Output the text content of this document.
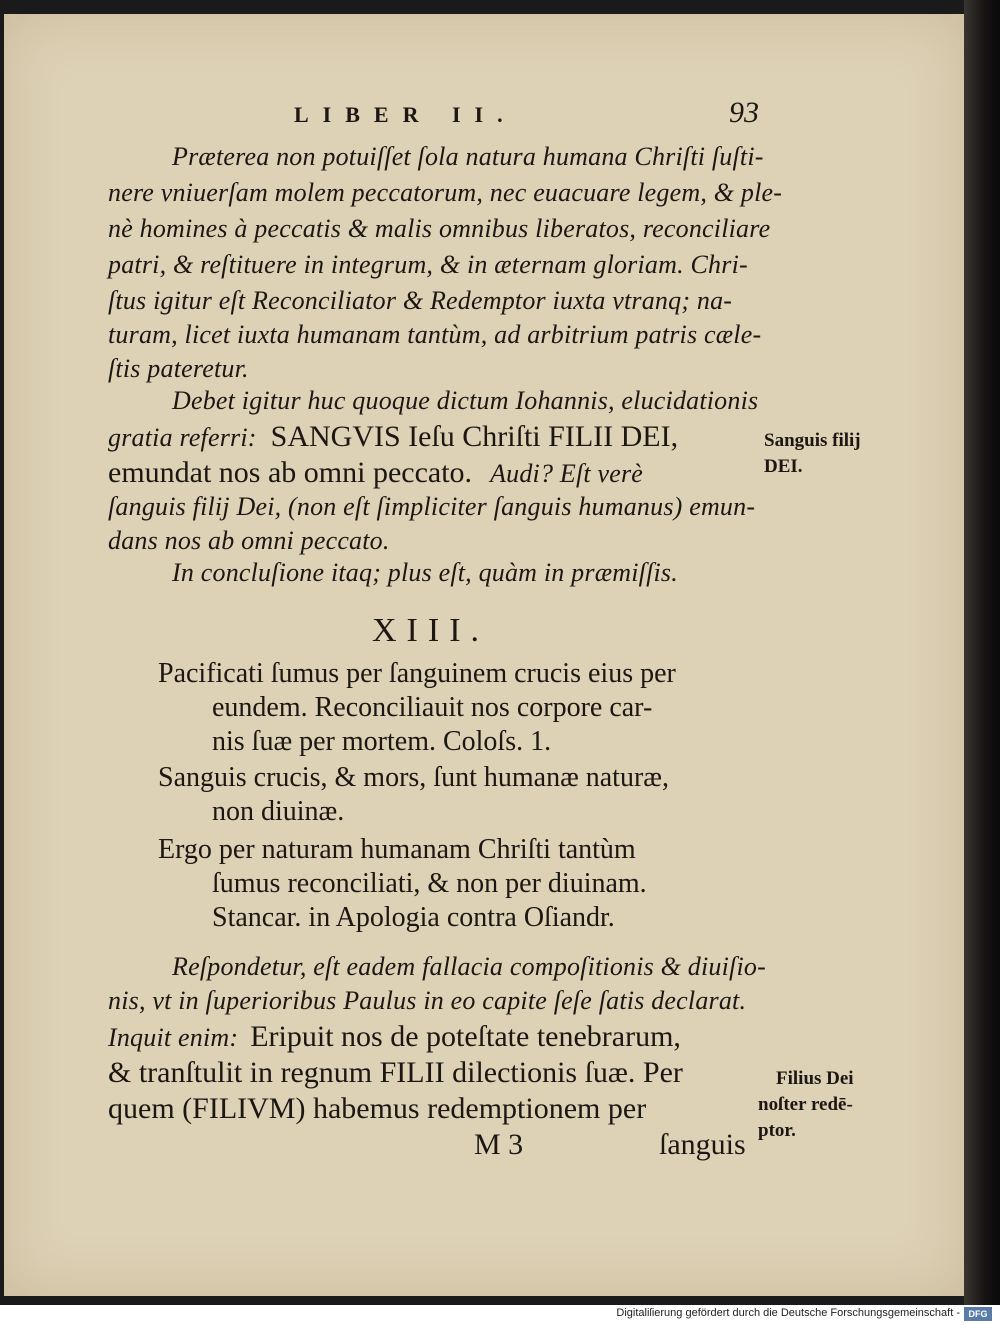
LIBER II.	93
Præterea non potuiſſet ſola natura humana Chriſti ſuſti-
nere vniuerſam molem peccatorum, nec euacuare legem, & ple-
nè homines à peccatis & malis omnibus liberatos, reconciliare
patri, & reſtituere in integrum, & in æternam gloriam. Chri-
ſtus igitur eſt Reconciliator & Redemptor iuxta vtranq; na-
turam, licet iuxta humanam tantùm, ad arbitrium patris cæle-
ſtis pateretur.
Debet igitur huc quoque dictum Iohannis, elucidationis
gratia referri: SANGVIS Ieſu Chriſti FILII DEI,
emundat nos ab omni peccato. Audi? Eſt verè
ſanguis filij Dei, (non eſt ſimpliciter ſanguis humanus) emun-
dans nos ab omni peccato.
In concluſione itaq; plus eſt, quàm in præmiſſis.
XIII.
Pacificati ſumus per ſanguinem crucis eius per
eundem. Reconciliauit nos corpore car-
nis ſuæ per mortem. Coloſs. 1.
Sanguis crucis, & mors, ſunt humanæ naturæ,
non diuinæ.
Ergo per naturam humanam Chriſti tantùm
ſumus reconciliati, & non per diuinam.
Stancar. in Apologia contra Oſiandr.
Reſpondetur, eſt eadem fallacia compoſitionis & diuiſio-
nis, vt in ſuperioribus Paulus in eo capite ſeſe ſatis declarat.
Inquit enim: Eripuit nos de poteſtate tenebrarum,
& tranſtulit in regnum FILII dilectionis ſuæ. Per
quem (FILIVM) habemus redemptionem per
M 3	ſanguis
Sanguis filij
DEI.
Filius Dei
noſter redē-
ptor.
Digitaliſierung gefördert durch die Deutsche Forschungsgemeinschaft - DFG
